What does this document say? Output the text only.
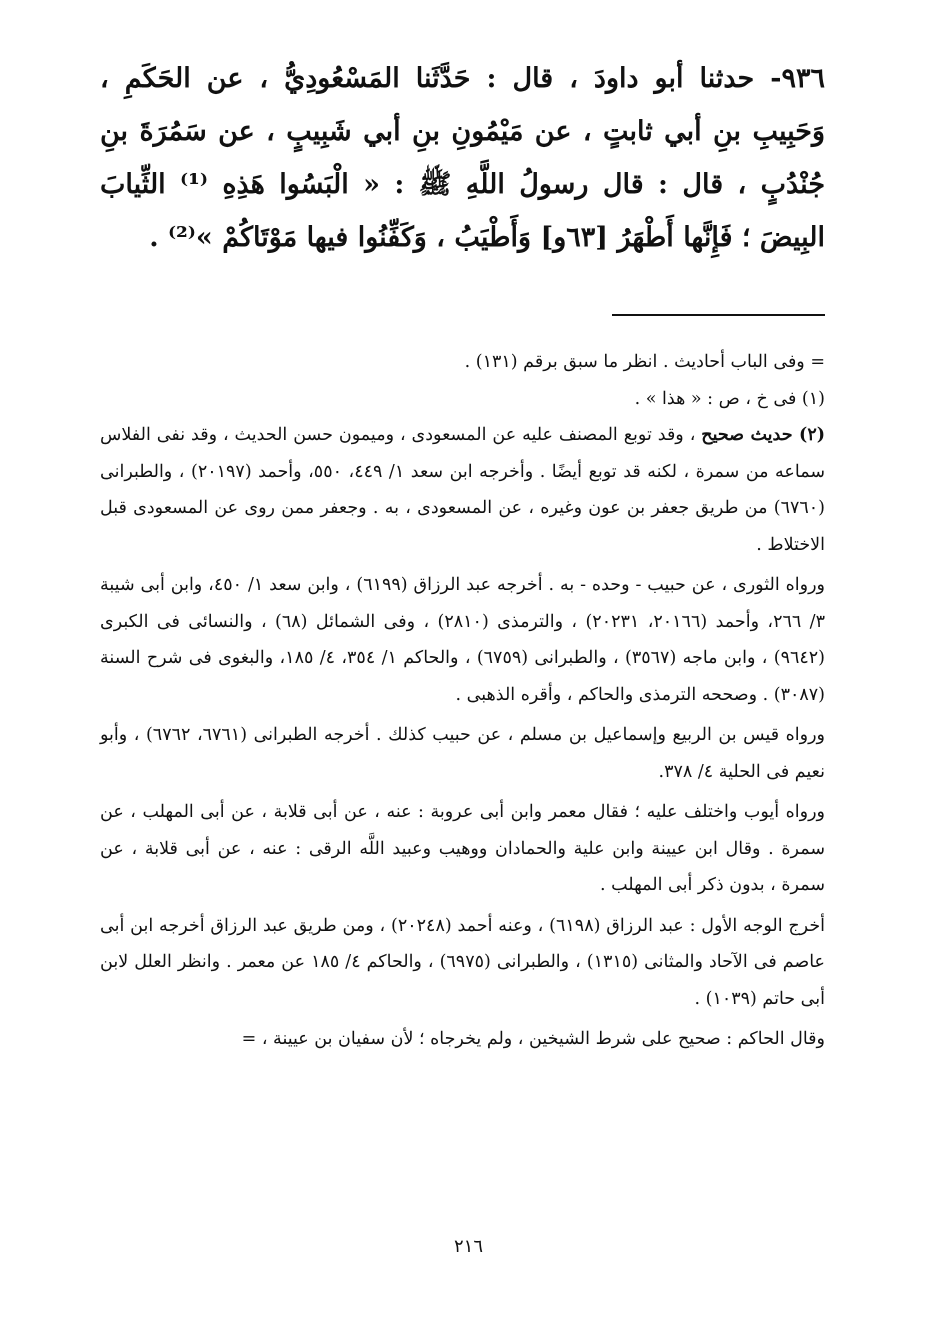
٩٣٦- حدثنا أبو داودَ ، قال : حَدَّثَنا المَسْعُودِيُّ ، عن الحَكَمِ ، وَحَبِيبِ بنِ أبي ثابتٍ ، عن مَيْمُونِ بنِ أبي شَبِيبٍ ، عن سَمُرَةَ بنِ جُنْدُبٍ ، قال : قال رسولُ اللَّهِ ﷺ : « الْبَسُوا هَذِهِ ⁽¹⁾ الثِّيابَ البِيضَ ؛ فَإِنَّها أَطْهَرُ [٦٣و] وَأَطْيَبُ ، وَكَفِّنُوا فيها مَوْتَاكُمْ »⁽²⁾ .

= وفى الباب أحاديث . انظر ما سبق برقم (١٣١) .

(١) فى خ ، ص : « هذا » .

(٢) حديث صحيح ، وقد توبع المصنف عليه عن المسعودى ، وميمون حسن الحديث ، وقد نفى الفلاس سماعه من سمرة ، لكنه قد توبع أيضًا . وأخرجه ابن سعد ١/ ٤٤٩، ٥٥٠، وأحمد (٢٠١٩٧) ، والطبرانى (٦٧٦٠) من طريق جعفر بن عون وغيره ، عن المسعودى ، به . وجعفر ممن روى عن المسعودى قبل الاختلاط .

ورواه الثورى ، عن حبيب - وحده - به . أخرجه عبد الرزاق (٦١٩٩) ، وابن سعد ١/ ٤٥٠، وابن أبى شيبة ٣/ ٢٦٦، وأحمد (٢٠١٦٦، ٢٠٢٣١) ، والترمذى (٢٨١٠) ، وفى الشمائل (٦٨) ، والنسائى فى الكبرى (٩٦٤٢) ، وابن ماجه (٣٥٦٧) ، والطبرانى (٦٧٥٩) ، والحاكم ١/ ٣٥٤، ٤/ ١٨٥، والبغوى فى شرح السنة (٣٠٨٧) . وصححه الترمذى والحاكم ، وأقره الذهبى .

ورواه قيس بن الربيع وإسماعيل بن مسلم ، عن حبيب كذلك . أخرجه الطبرانى (٦٧٦١، ٦٧٦٢) ، وأبو نعيم فى الحلية ٤/ ٣٧٨.

ورواه أيوب واختلف عليه ؛ فقال معمر وابن أبى عروبة : عنه ، عن أبى قلابة ، عن أبى المهلب ، عن سمرة . وقال ابن عيينة وابن علية والحمادان ووهيب وعبيد اللَّه الرقى : عنه ، عن أبى قلابة ، عن سمرة ، بدون ذكر أبى المهلب .

أخرج الوجه الأول : عبد الرزاق (٦١٩٨) ، وعنه أحمد (٢٠٢٤٨) ، ومن طريق عبد الرزاق أخرجه ابن أبى عاصم فى الآحاد والمثانى (١٣١٥) ، والطبرانى (٦٩٧٥) ، والحاكم ٤/ ١٨٥ عن معمر . وانظر العلل لابن أبى حاتم (١٠٣٩) .

وقال الحاكم : صحيح على شرط الشيخين ، ولم يخرجاه ؛ لأن سفيان بن عيينة ، =

٢١٦
